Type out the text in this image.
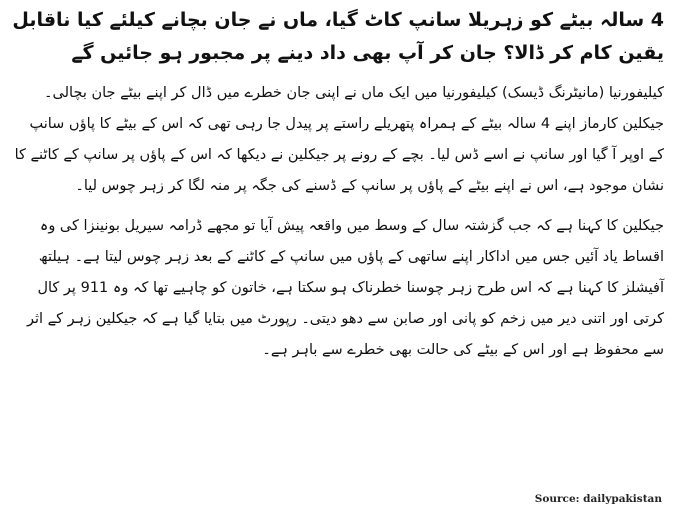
4 سالہ بیٹے کو زہریلا سانپ کاٹ گیا، ماں نے جان بچانے کیلئے کیا ناقابل یقین کام کر ڈالا؟ جان کر آپ بھی داد دینے پر مجبور ہو جائیں گے
کیلیفورنیا (مانیٹرنگ ڈیسک) کیلیفورنیا میں ایک ماں نے اپنی جان خطرے میں ڈال کر اپنے بیٹے جان بچالی۔ جیکلین کارماز اپنے 4 سالہ بیٹے کے ہمراہ پتھریلے راستے پر پیدل جا رہی تھی کہ اس کے بیٹے کا پاؤں سانپ کے اوپر آ گیا اور سانپ نے اسے ڈس لیا۔ بچے کے رونے پر جیکلین نے دیکھا کہ اس کے پاؤں پر سانپ کے کاٹنے کا نشان موجود ہے، اس نے اپنے بیٹے کے پاؤں پر سانپ کے ڈسنے کی جگہ پر منہ لگا کر زہر چوس لیا۔
جیکلین کا کہنا ہے کہ جب گزشتہ سال کے وسط میں واقعہ پیش آیا تو مجھے ڈرامہ سیریل بونینزا کی وہ اقساط یاد آئیں جس میں اداکار اپنے ساتھی کے پاؤں میں سانپ کے کاٹنے کے بعد زہر چوس لیتا ہے۔ ہیلتھ آفیشلز کا کہنا ہے کہ اس طرح زہر چوسنا خطرناک ہو سکتا ہے، خاتون کو چاہیے تھا کہ وہ 911 پر کال کرتی اور اتنی دیر میں زخم کو پانی اور صابن سے دھو دیتی۔ رپورٹ میں بتایا گیا ہے کہ جیکلین زہر کے اثر سے محفوظ ہے اور اس کے بیٹے کی حالت بھی خطرے سے باہر ہے۔
Source: dailypakistan
